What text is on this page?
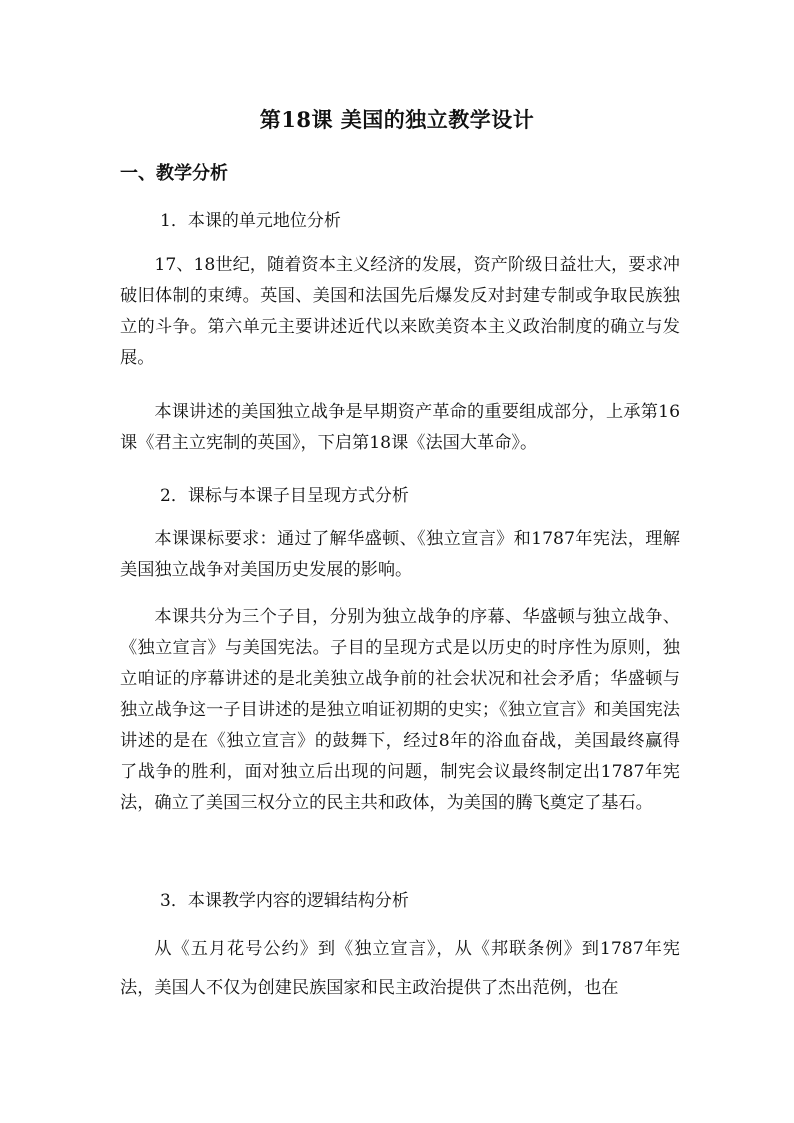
第18课 美国的独立教学设计
一、教学分析
1．本课的单元地位分析

17、18世纪，随着资本主义经济的发展，资产阶级日益壮大，要求冲破旧体制的束缚。英国、美国和法国先后爆发反对封建专制或争取民族独立的斗争。第六单元主要讲述近代以来欧美资本主义政治制度的确立与发展。

本课讲述的美国独立战争是早期资产革命的重要组成部分，上承第16课《君主立宪制的英国》，下启第18课《法国大革命》。

2．课标与本课子目呈现方式分析

本课课标要求：通过了解华盛顿、《独立宣言》和1787年宪法，理解美国独立战争对美国历史发展的影响。

本课共分为三个子目，分别为独立战争的序幕、华盛顿与独立战争、《独立宣言》与美国宪法。子目的呈现方式是以历史的时序性为原则，独立咱证的序幕讲述的是北美独立战争前的社会状况和社会矛盾；华盛顿与独立战争这一子目讲述的是独立咱证初期的史实；《独立宣言》和美国宪法讲述的是在《独立宣言》的鼓舞下，经过8年的浴血奋战，美国最终赢得了战争的胜利，面对独立后出现的问题，制宪会议最终制定出1787年宪法，确立了美国三权分立的民主共和政体，为美国的腾飞奠定了基石。

3．本课教学内容的逻辑结构分析

从《五月花号公约》到《独立宣言》，从《邦联条例》到1787年宪法，美国人不仅为创建民族国家和民主政治提供了杰出范例，也在
